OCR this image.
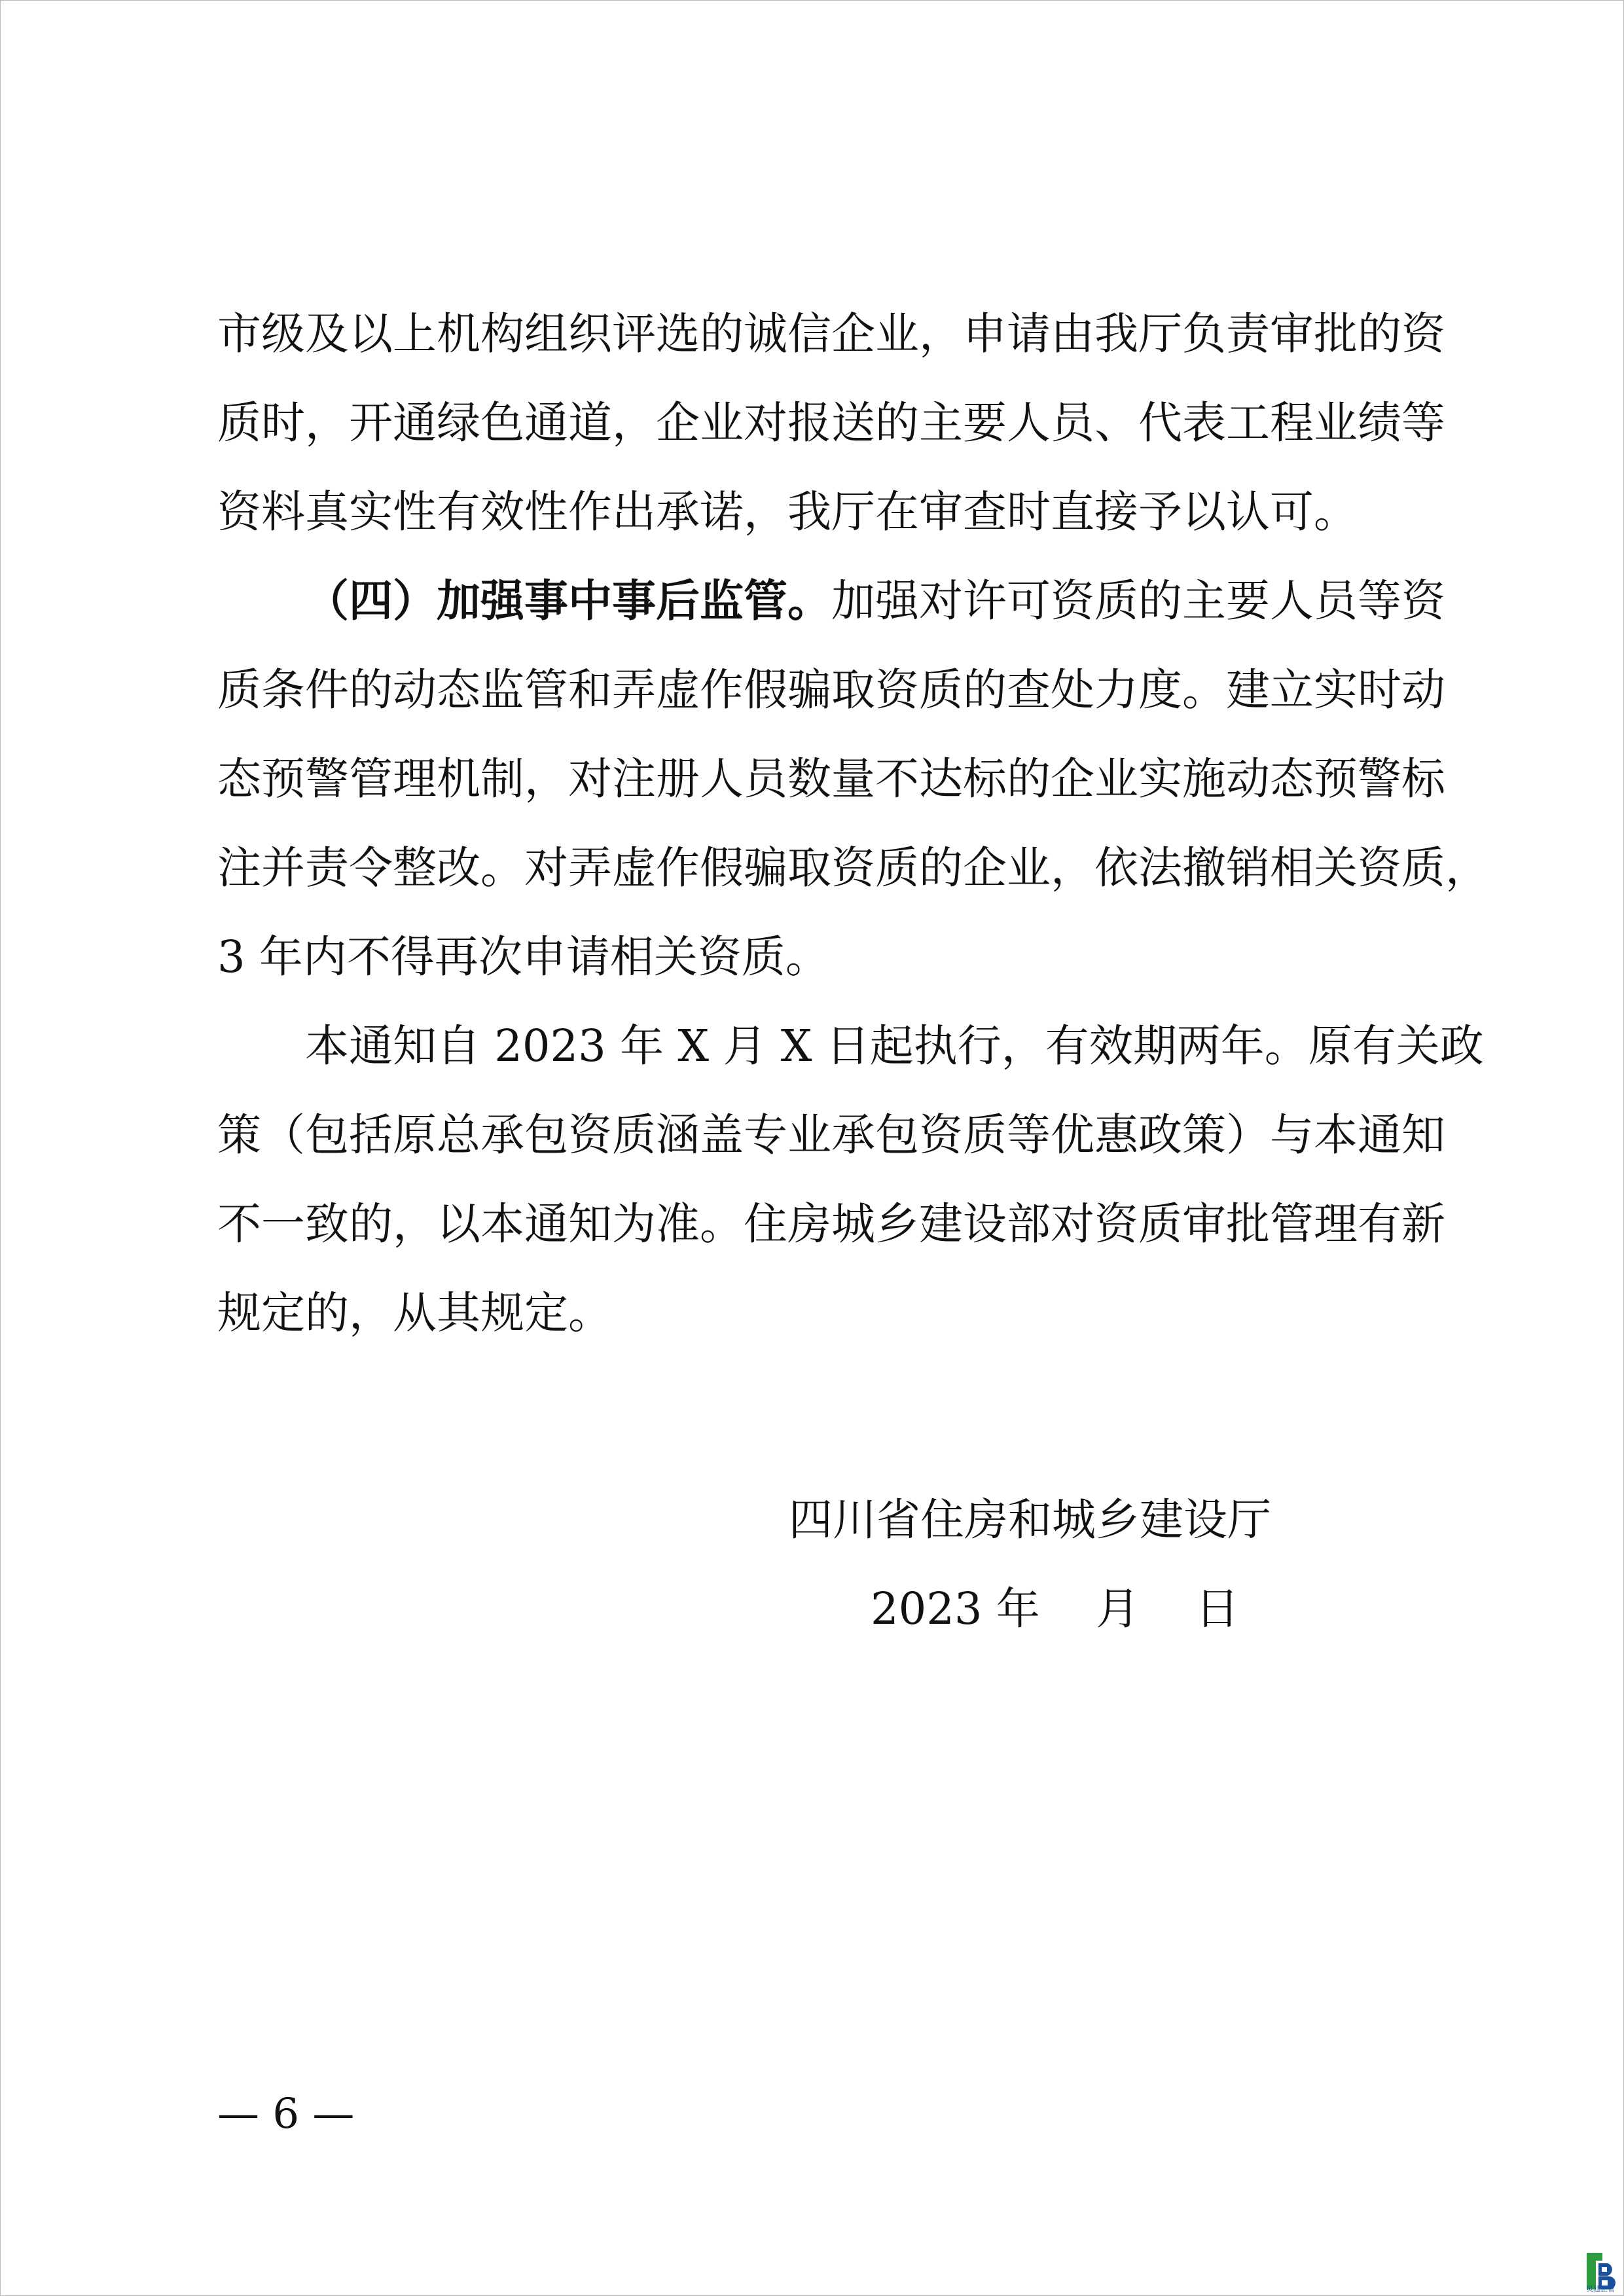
市级及以上机构组织评选的诚信企业，申请由我厅负责审批的资
质时，开通绿色通道，企业对报送的主要人员、代表工程业绩等
资料真实性有效性作出承诺，我厅在审查时直接予以认可。
（四）加强事中事后监管。加强对许可资质的主要人员等资
质条件的动态监管和弄虚作假骗取资质的查处力度。建立实时动
态预警管理机制，对注册人员数量不达标的企业实施动态预警标
注并责令整改。对弄虚作假骗取资质的企业，依法撤销相关资质，
3 年内不得再次申请相关资质。
本通知自 2023 年 X 月 X 日起执行，有效期两年。原有关政
策（包括原总承包资质涵盖专业承包资质等优惠政策）与本通知
不一致的，以本通知为准。住房城乡建设部对资质审批管理有新
规定的，从其规定。
四川省住房和城乡建设厅
2023 年    月    日
— 6 —
贝廷企管
